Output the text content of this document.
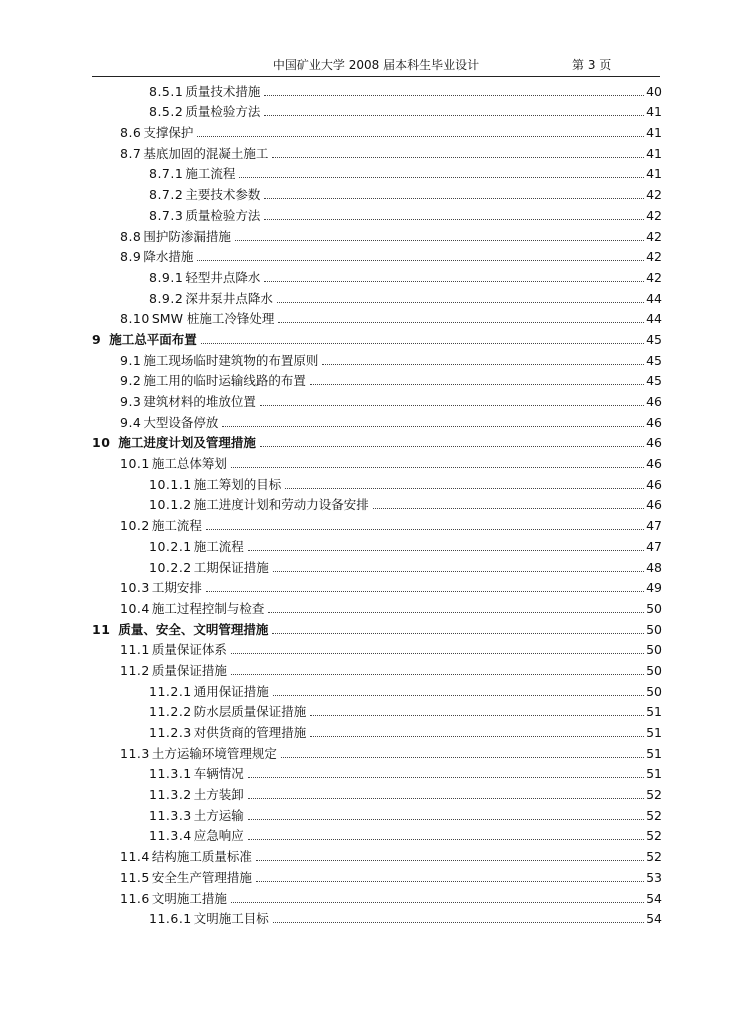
中国矿业大学 2008 届本科生毕业设计	第 3 页
8.5.1 质量技术措施	40
8.5.2 质量检验方法	41
8.6 支撑保护	41
8.7 基底加固的混凝土施工	41
8.7.1 施工流程	41
8.7.2 主要技术参数	42
8.7.3 质量检验方法	42
8.8 围护防渗漏措施	42
8.9 降水措施	42
8.9.1 轻型井点降水	42
8.9.2 深井泵井点降水	44
8.10 SMW 桩施工冷锋处理	44
9 施工总平面布置	45
9.1 施工现场临时建筑物的布置原则	45
9.2 施工用的临时运输线路的布置	45
9.3 建筑材料的堆放位置	46
9.4 大型设备停放	46
10 施工进度计划及管理措施	46
10.1 施工总体筹划	46
10.1.1 施工筹划的目标	46
10.1.2 施工进度计划和劳动力设备安排	46
10.2 施工流程	47
10.2.1 施工流程	47
10.2.2 工期保证措施	48
10.3 工期安排	49
10.4 施工过程控制与检查	50
11 质量、安全、文明管理措施	50
11.1 质量保证体系	50
11.2 质量保证措施	50
11.2.1 通用保证措施	50
11.2.2 防水层质量保证措施	51
11.2.3 对供货商的管理措施	51
11.3 土方运输环境管理规定	51
11.3.1 车辆情况	51
11.3.2 土方装卸	52
11.3.3 土方运输	52
11.3.4 应急响应	52
11.4 结构施工质量标准	52
11.5 安全生产管理措施	53
11.6 文明施工措施	54
11.6.1 文明施工目标	54
